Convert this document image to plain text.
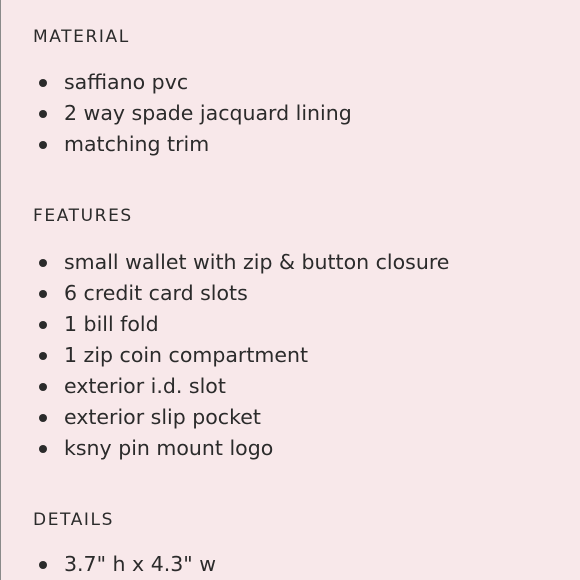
MATERIAL
saffiano pvc
2 way spade jacquard lining
matching trim
FEATURES
small wallet with zip & button closure
6 credit card slots
1 bill fold
1 zip coin compartment
exterior i.d. slot
exterior slip pocket
ksny pin mount logo
DETAILS
3.7" h x 4.3" w
